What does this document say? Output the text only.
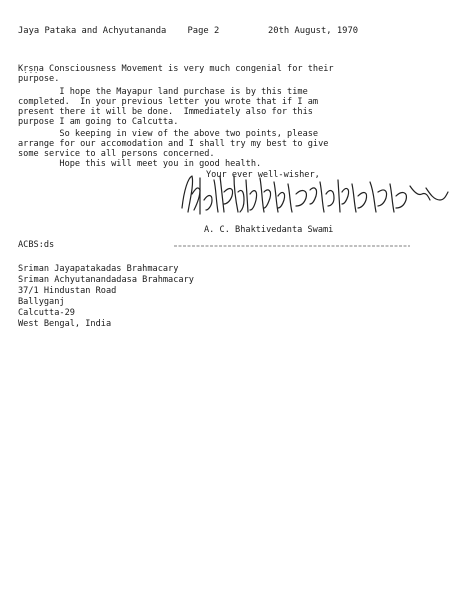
Jaya Pataka and Achyutananda Page 2	20th August, 1970
Kṛṣṇa Consciousness Movement is very much congenial for their
purpose.
I hope the Mayapur land purchase is by this time
completed.  In your previous letter you wrote that if I am
present there it will be done.  Immediately also for this
purpose I am going to Calcutta.
So keeping in view of the above two points, please
arrange for our accomodation and I shall try my best to give
some service to all persons concerned.
Hope this will meet you in good health.
Your ever well-wisher,
A. C. Bhaktivedanta Swami
ACBS:ds
Sriman Jayapatakadas Brahmacary
Sriman Achyutanandadasa Brahmacary
37/1 Hindustan Road
Ballyganj
Calcutta-29
West Bengal, India
